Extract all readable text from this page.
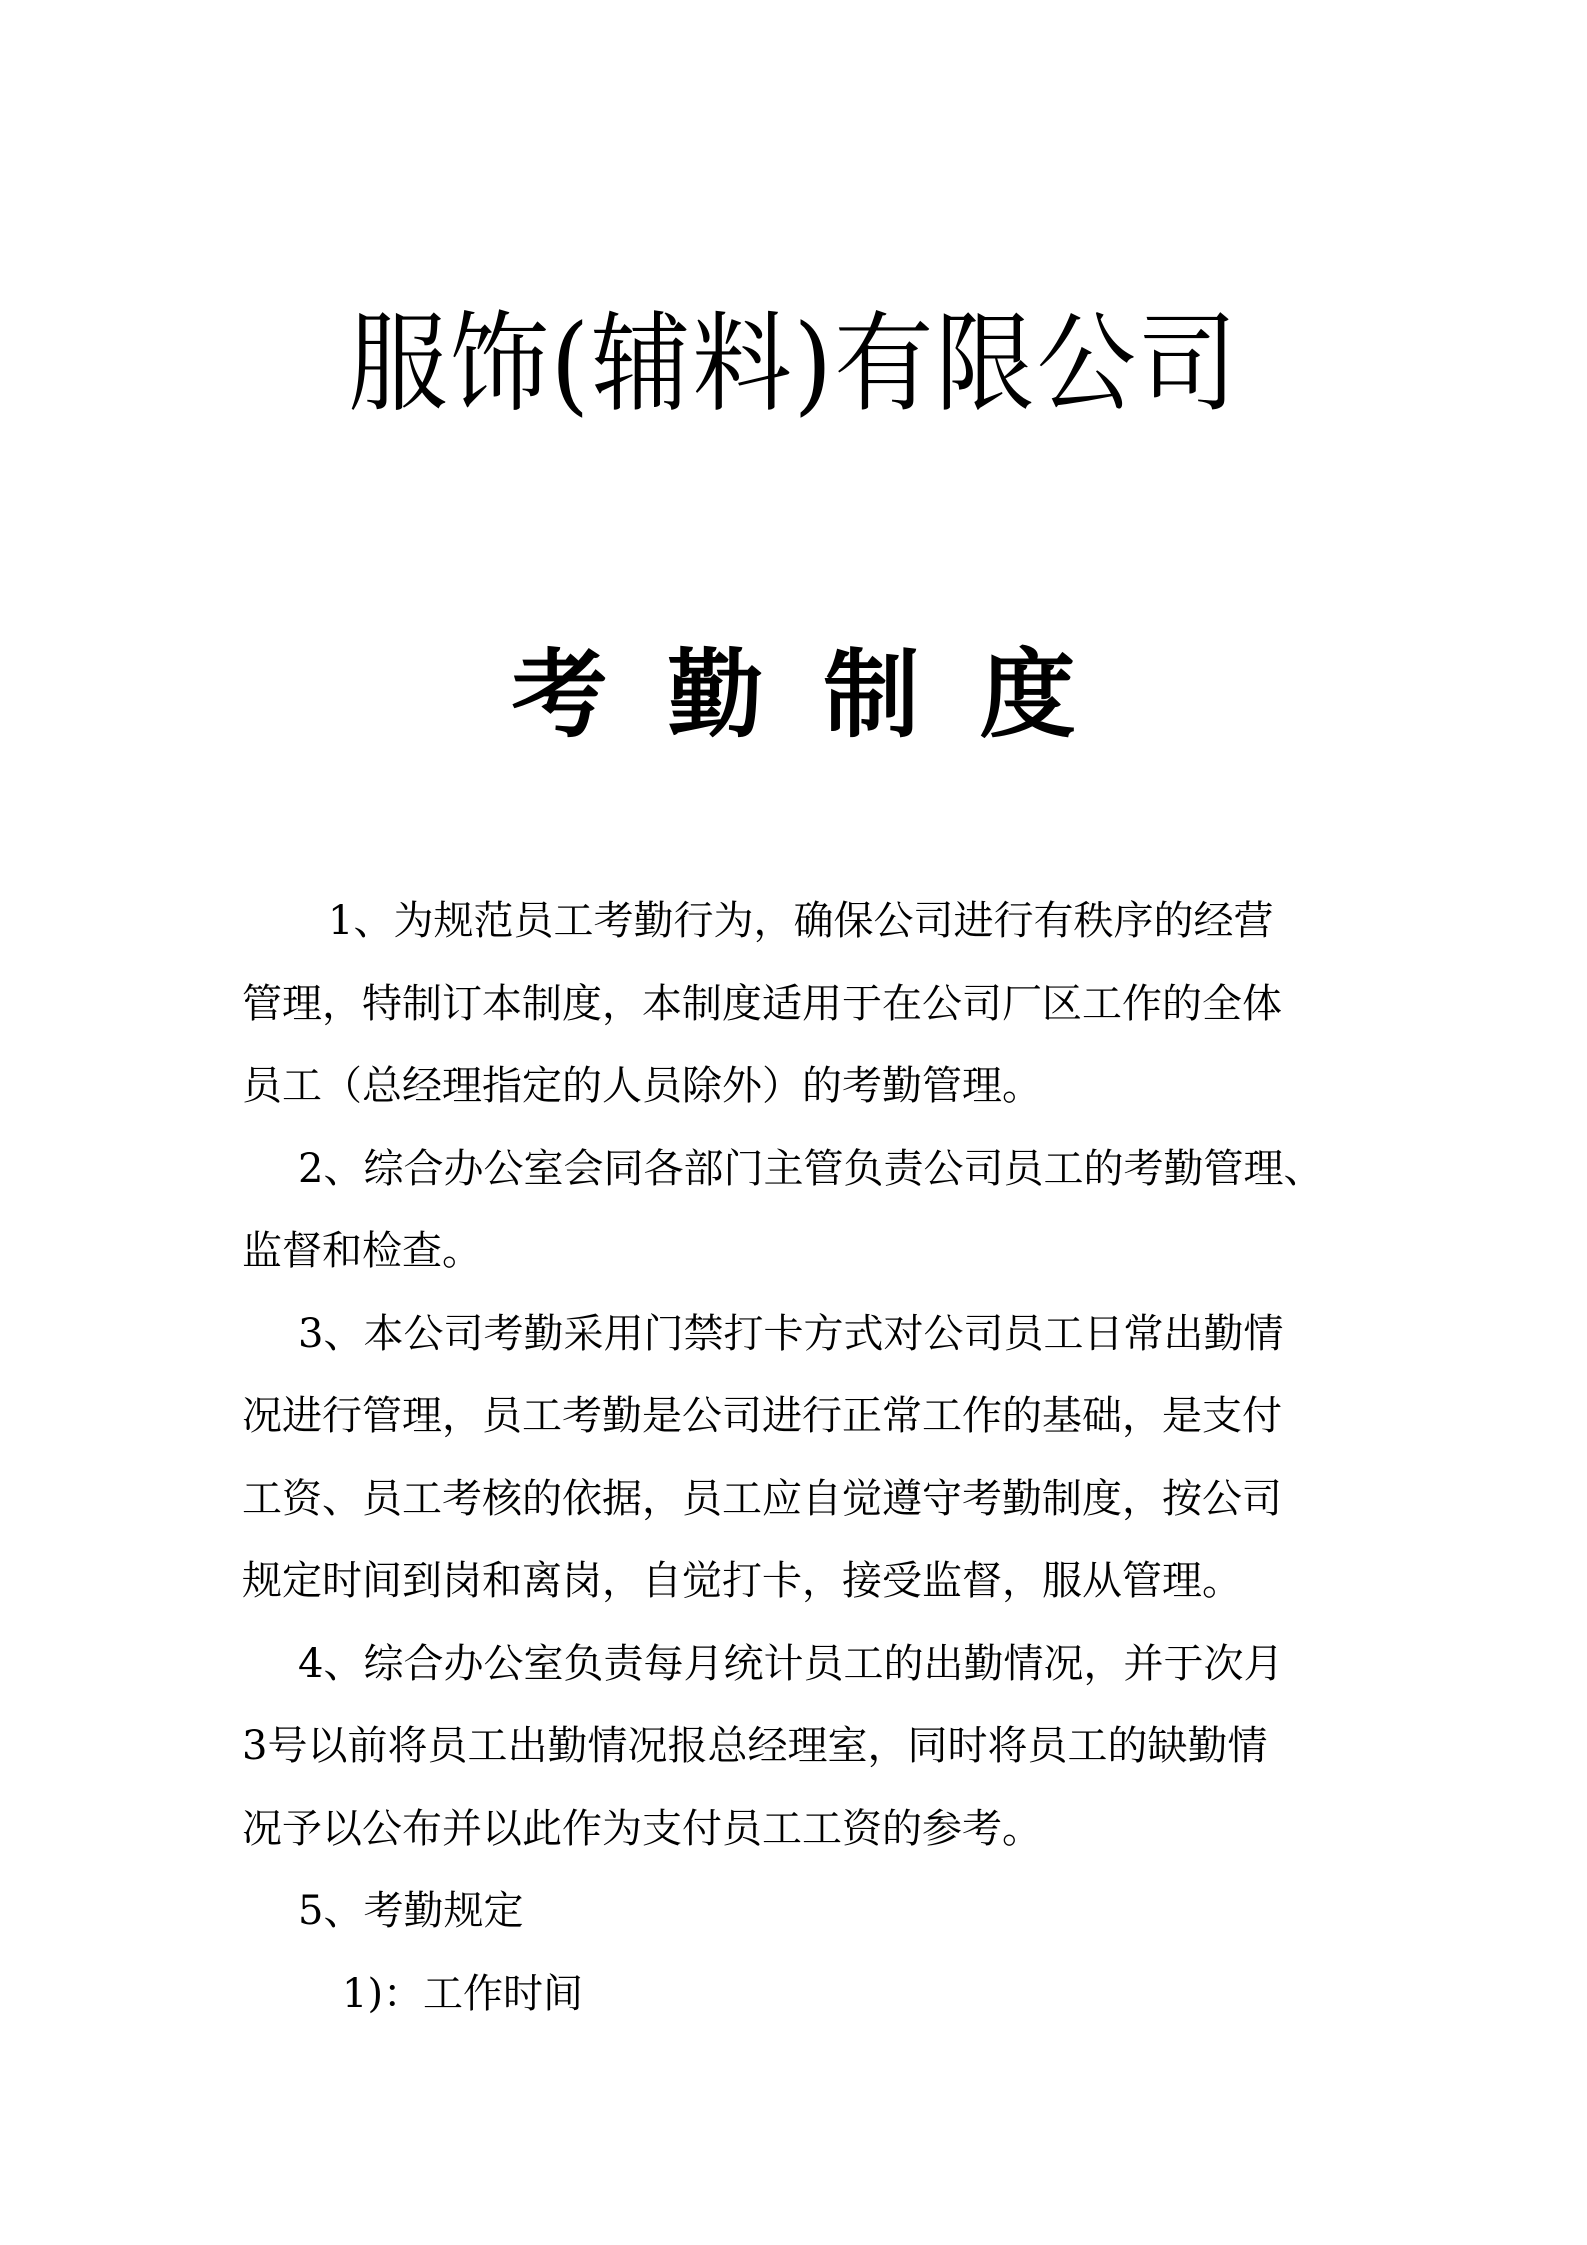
服饰(辅料)有限公司
考勤制度
1、为规范员工考勤行为，确保公司进行有秩序的经营
管理，特制订本制度，本制度适用于在公司厂区工作的全体
员工（总经理指定的人员除外）的考勤管理。
2、综合办公室会同各部门主管负责公司员工的考勤管理、
监督和检查。
3、本公司考勤采用门禁打卡方式对公司员工日常出勤情
况进行管理，员工考勤是公司进行正常工作的基础，是支付
工资、员工考核的依据，员工应自觉遵守考勤制度，按公司
规定时间到岗和离岗，自觉打卡，接受监督，服从管理。
4、综合办公室负责每月统计员工的出勤情况，并于次月
3号以前将员工出勤情况报总经理室，同时将员工的缺勤情
况予以公布并以此作为支付员工工资的参考。
5、考勤规定
1)：工作时间
